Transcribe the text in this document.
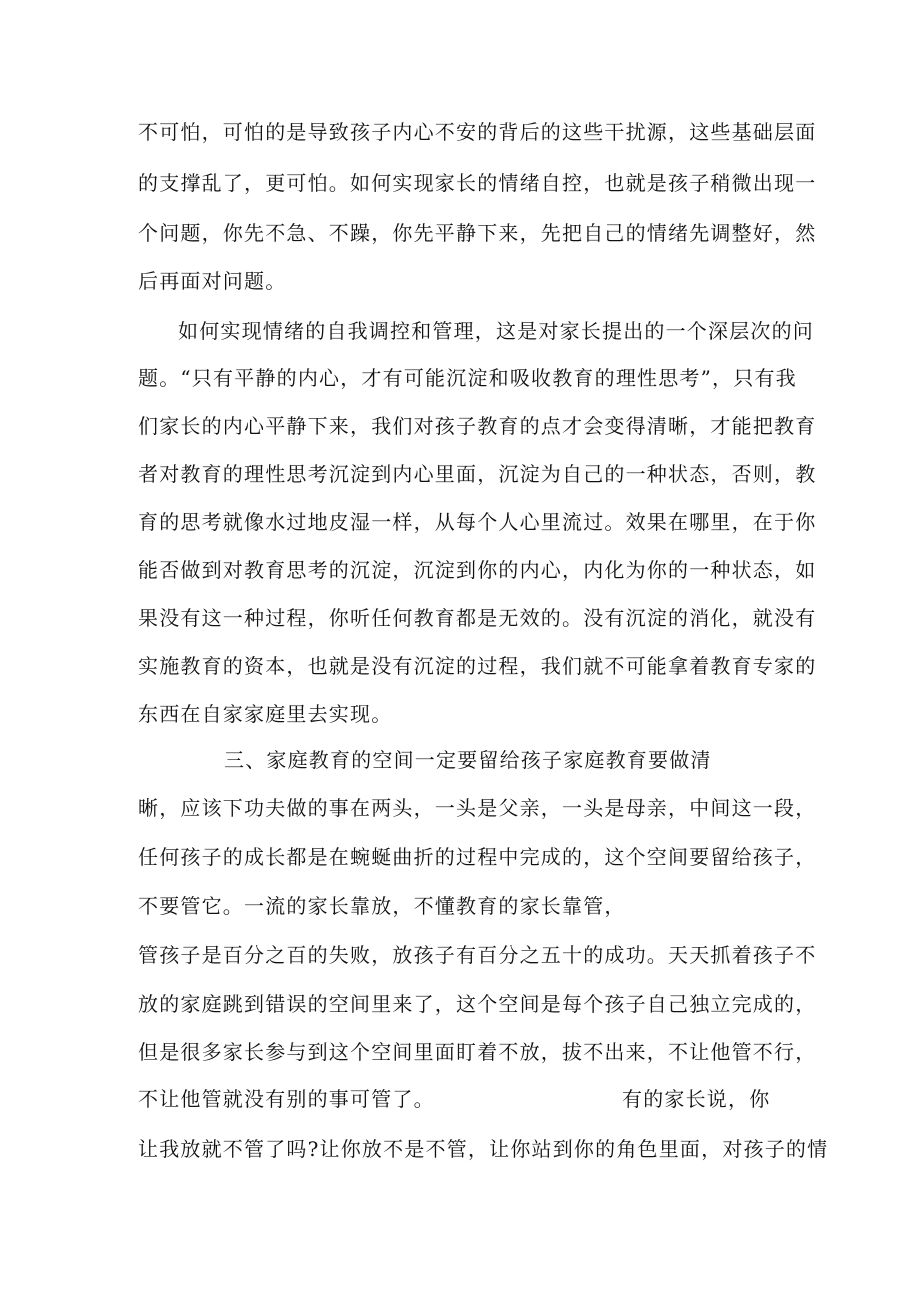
不可怕，可怕的是导致孩子内心不安的背后的这些干扰源，这些基础层面
的支撑乱了，更可怕。如何实现家长的情绪自控，也就是孩子稍微出现一
个问题，你先不急、不躁，你先平静下来，先把自己的情绪先调整好，然
后再面对问题。
如何实现情绪的自我调控和管理，这是对家长提出的一个深层次的问
题。“只有平静的内心，才有可能沉淀和吸收教育的理性思考”，只有我
们家长的内心平静下来，我们对孩子教育的点才会变得清晰，才能把教育
者对教育的理性思考沉淀到内心里面，沉淀为自己的一种状态，否则，教
育的思考就像水过地皮湿一样，从每个人心里流过。效果在哪里，在于你
能否做到对教育思考的沉淀，沉淀到你的内心，内化为你的一种状态，如
果没有这一种过程，你听任何教育都是无效的。没有沉淀的消化，就没有
实施教育的资本，也就是没有沉淀的过程，我们就不可能拿着教育专家的
东西在自家家庭里去实现。
三、家庭教育的空间一定要留给孩子家庭教育要做清
晰，应该下功夫做的事在两头，一头是父亲，一头是母亲，中间这一段，
任何孩子的成长都是在蜿蜒曲折的过程中完成的，这个空间要留给孩子，
不要管它。一流的家长靠放，不懂教育的家长靠管，
管孩子是百分之百的失败，放孩子有百分之五十的成功。天天抓着孩子不
放的家庭跳到错误的空间里来了，这个空间是每个孩子自己独立完成的，
但是很多家长参与到这个空间里面盯着不放，拔不出来，不让他管不行，
不让他管就没有别的事可管了。	有的家长说，你
让我放就不管了吗?让你放不是不管，让你站到你的角色里面，对孩子的情
